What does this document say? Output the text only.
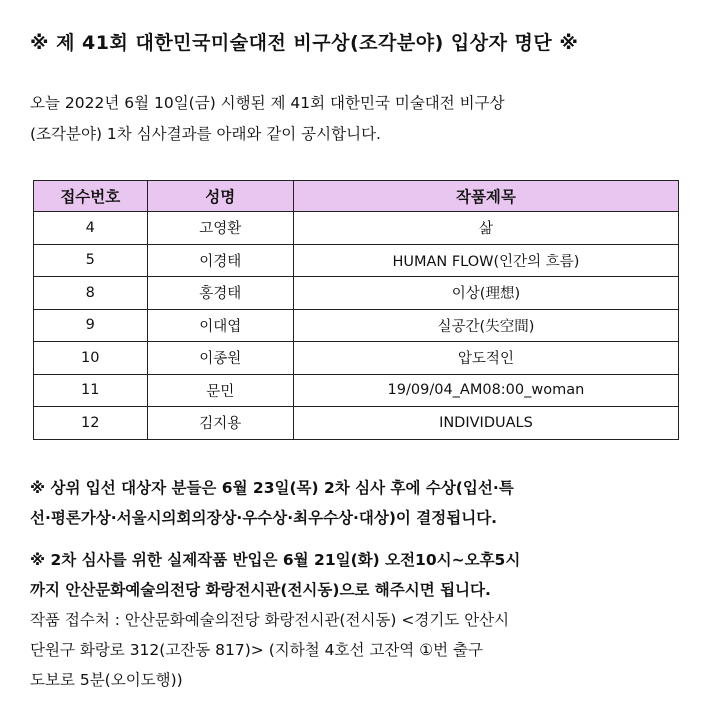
※ 제 41회 대한민국미술대전 비구상(조각분야) 입상자 명단 ※
오늘 2022년 6월 10일(금) 시행된 제 41회 대한민국 미술대전 비구상
(조각분야) 1차 심사결과를 아래와 같이 공시합니다.
접수번호	성명	작품제목
4	고영환	삶
5	이경태	HUMAN FLOW(인간의 흐름)
8	홍경태	이상(理想)
9	이대엽	실공간(失空間)
10	이종원	압도적인
11	문민	19/09/04_AM08:00_woman
12	김지용	INDIVIDUALS
※ 상위 입선 대상자 분들은 6월 23일(목) 2차 심사 후에 수상(입선·특
선·평론가상·서울시의회의장상·우수상·최우수상·대상)이 결정됩니다.
※ 2차 심사를 위한 실제작품 반입은 6월 21일(화) 오전10시~오후5시
까지 안산문화예술의전당 화랑전시관(전시동)으로 해주시면 됩니다.
작품 접수처 : 안산문화예술의전당 화랑전시관(전시동) <경기도 안산시
단원구 화랑로 312(고잔동 817)> (지하철 4호선 고잔역 ①번 출구
도보로 5분(오이도행))
